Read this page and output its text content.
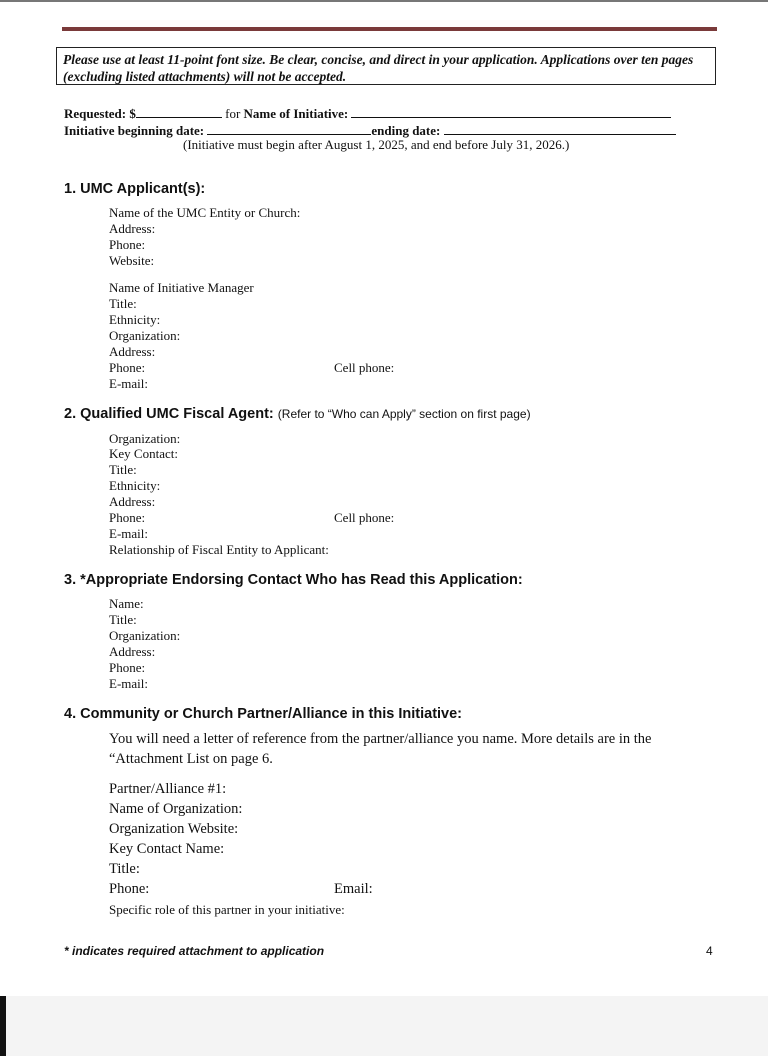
Please use at least 11-point font size. Be clear, concise, and direct in your application. Applications over ten pages (excluding listed attachments) will not be accepted.
Requested: $	for Name of Initiative:
Initiative beginning date:	ending date:
(Initiative must begin after August 1, 2025, and end before July 31, 2026.)
1. UMC Applicant(s):
Name of the UMC Entity or Church:
Address:
Phone:
Website:
Name of Initiative Manager
Title:
Ethnicity:
Organization:
Address:
Phone:	Cell phone:
E-mail:
2. Qualified UMC Fiscal Agent: (Refer to “Who can Apply” section on first page)
Organization:
Key Contact:
Title:
Ethnicity:
Address:
Phone:	Cell phone:
E-mail:
Relationship of Fiscal Entity to Applicant:
3. *Appropriate Endorsing Contact Who has Read this Application:
Name:
Title:
Organization:
Address:
Phone:
E-mail:
4. Community or Church Partner/Alliance in this Initiative:
You will need a letter of reference from the partner/alliance you name. More details are in the “Attachment List on page 6.
Partner/Alliance #1:
Name of Organization:
Organization Website:
Key Contact Name:
Title:
Phone:	Email:
Specific role of this partner in your initiative:
* indicates required attachment to application	4
